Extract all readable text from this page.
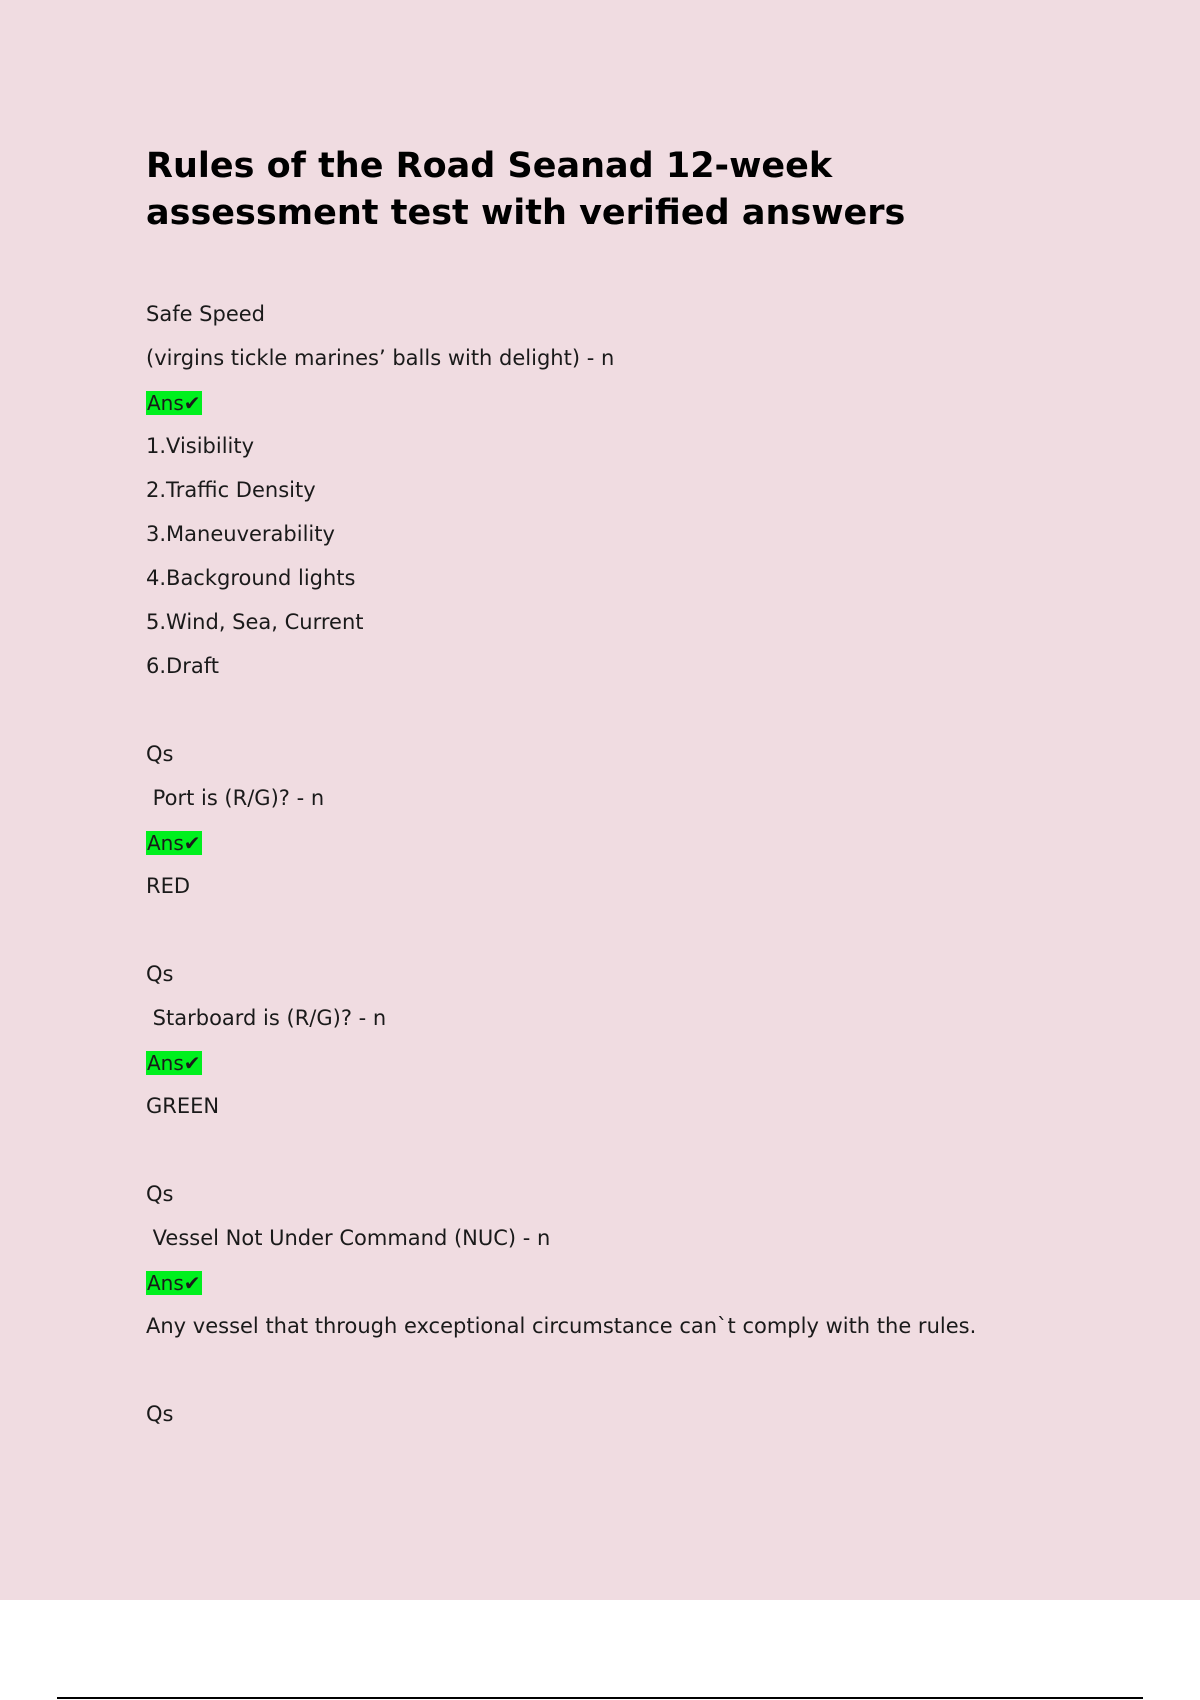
Rules of the Road Seanad 12-week
assessment test with verified answers
Safe Speed
(virgins tickle marines’ balls with delight) - n
Ans✔
1.Visibility
2.Traffic Density
3.Maneuverability
4.Background lights
5.Wind, Sea, Current
6.Draft
Qs
Port is (R/G)? - n
Ans✔
RED
Qs
Starboard is (R/G)? - n
Ans✔
GREEN
Qs
Vessel Not Under Command (NUC) - n
Ans✔
Any vessel that through exceptional circumstance can`t comply with the rules.
Qs
